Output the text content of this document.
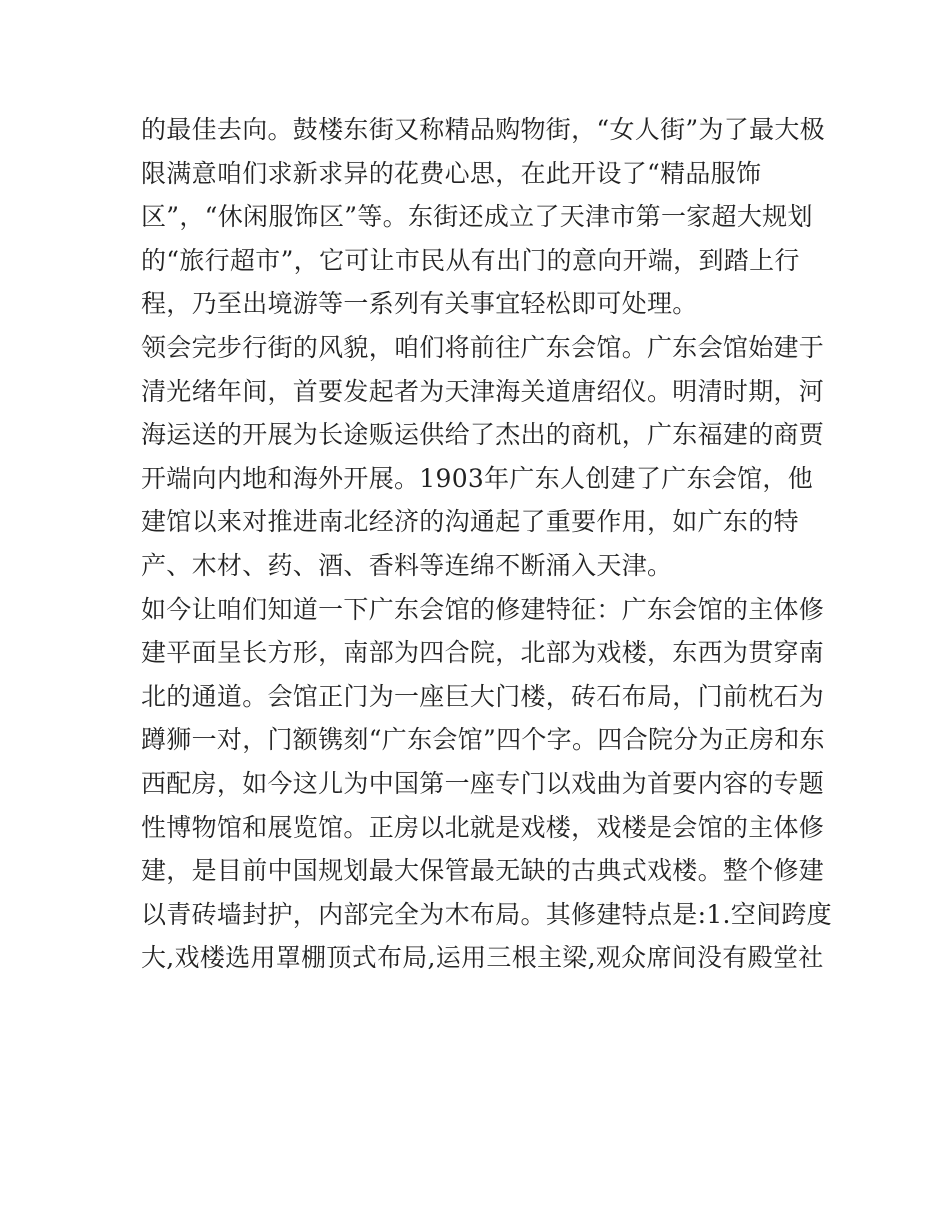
的最佳去向。鼓楼东街又称精品购物街，“女人街”为了最大极
限满意咱们求新求异的花费心思，在此开设了“精品服饰
区”，“休闲服饰区”等。东街还成立了天津市第一家超大规划
的“旅行超市”，它可让市民从有出门的意向开端，到踏上行
程，乃至出境游等一系列有关事宜轻松即可处理。
领会完步行街的风貌，咱们将前往广东会馆。广东会馆始建于
清光绪年间，首要发起者为天津海关道唐绍仪。明清时期，河
海运送的开展为长途贩运供给了杰出的商机，广东福建的商贾
开端向内地和海外开展。1903年广东人创建了广东会馆，他
建馆以来对推进南北经济的沟通起了重要作用，如广东的特
产、木材、药、酒、香料等连绵不断涌入天津。
如今让咱们知道一下广东会馆的修建特征：广东会馆的主体修
建平面呈长方形，南部为四合院，北部为戏楼，东西为贯穿南
北的通道。会馆正门为一座巨大门楼，砖石布局，门前枕石为
蹲狮一对，门额镌刻“广东会馆”四个字。四合院分为正房和东
西配房，如今这儿为中国第一座专门以戏曲为首要内容的专题
性博物馆和展览馆。正房以北就是戏楼，戏楼是会馆的主体修
建，是目前中国规划最大保管最无缺的古典式戏楼。整个修建
以青砖墙封护，内部完全为木布局。其修建特点是:1.空间跨度
大,戏楼选用罩棚顶式布局,运用三根主梁,观众席间没有殿堂社
